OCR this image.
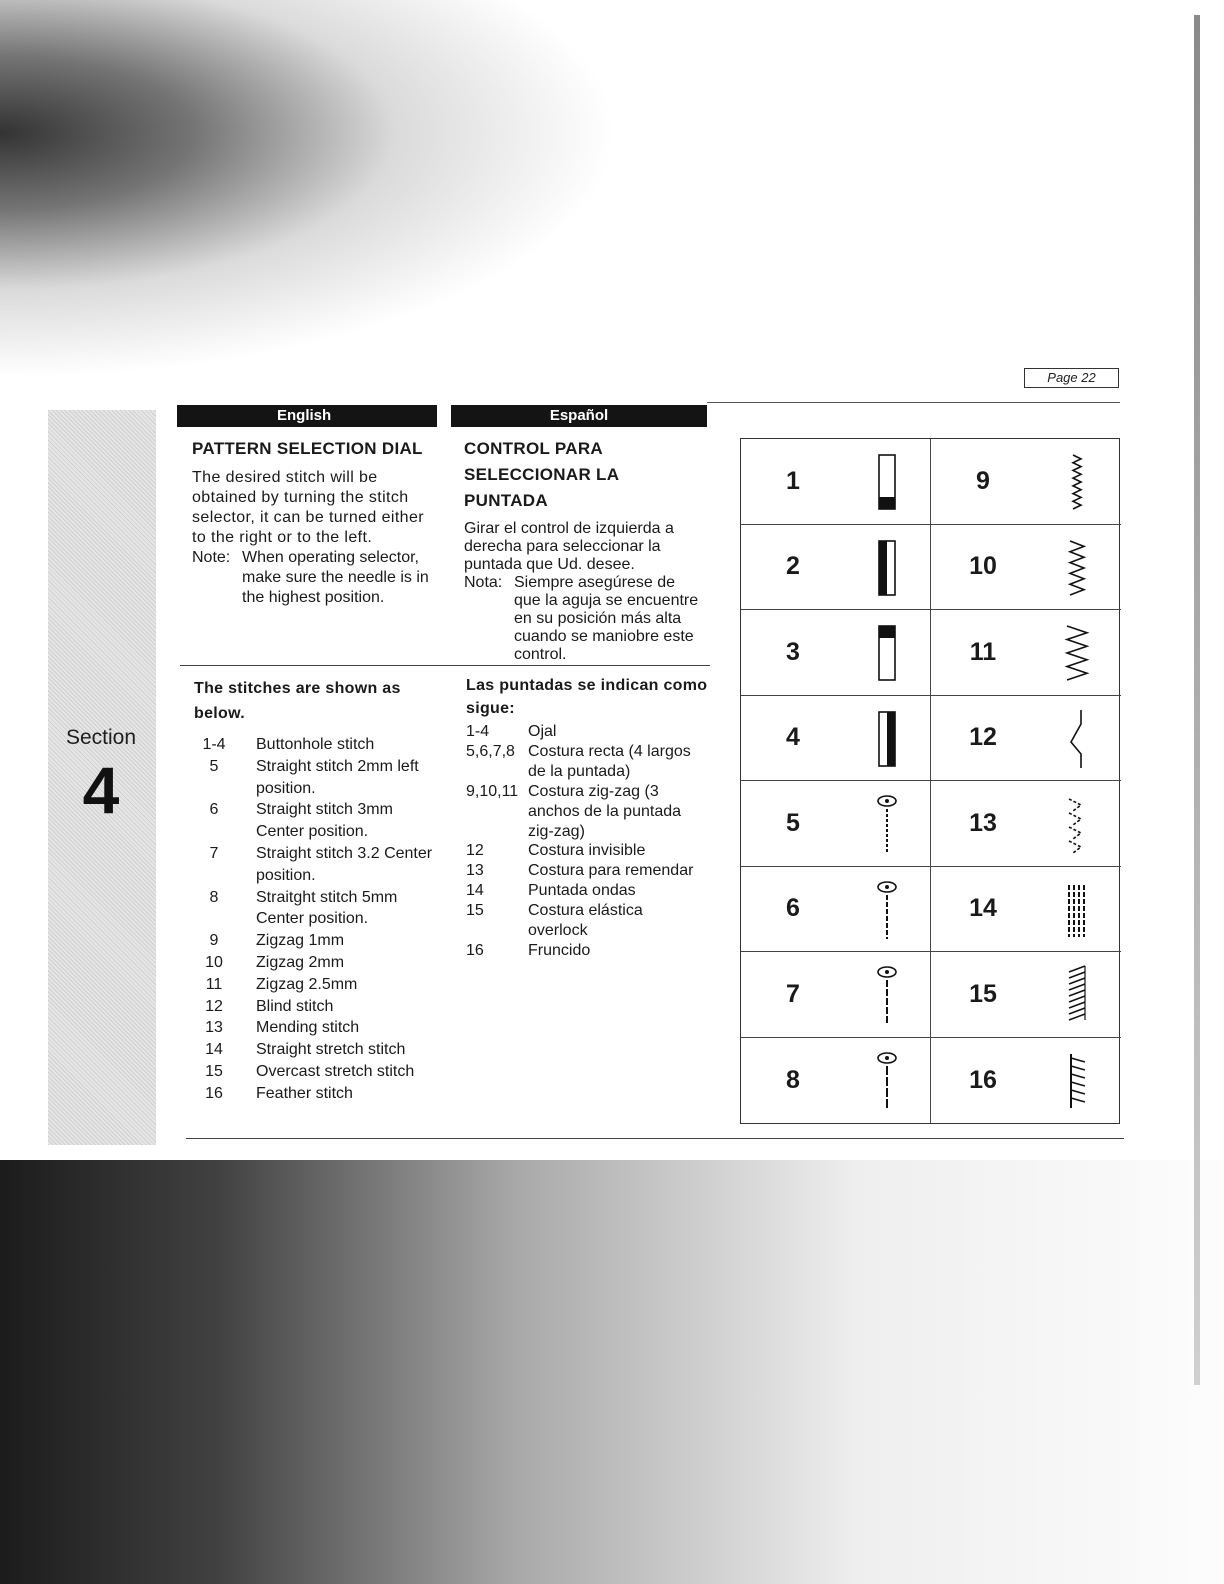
Page 22
Section
4
English	Español
PATTERN SELECTION DIAL
The desired stitch will be obtained by turning the stitch selector, it can be turned either to the right or to the left.
Note: When operating selector, make sure the needle is in the highest position.
CONTROL PARA SELECCIONAR LA PUNTADA
Girar el control de izquierda a derecha para seleccionar la puntada que Ud. desee.
Nota: Siempre asegúrese de que la aguja se encuentre en su posición más alta cuando se maniobre este control.
The stitches are shown as below.
1-4	Buttonhole stitch
5	Straight stitch 2mm left position.
6	Straight stitch 3mm Center position.
7	Straight stitch 3.2 Center position.
8	Straitght stitch 5mm Center position.
9	Zigzag 1mm
10	Zigzag 2mm
11	Zigzag 2.5mm
12	Blind stitch
13	Mending stitch
14	Straight stretch stitch
15	Overcast stretch stitch
16	Feather stitch
Las puntadas se indican como sigue:
1-4	Ojal
5,6,7,8 Costura recta (4 largos de la puntada)
9,10,11 Costura zig-zag (3 anchos de la puntada zig-zag)
12	Costura invisible
13	Costura para remendar
14	Puntada ondas
15	Costura elástica overlock
16	Fruncido
1	9
2	10
3	11
4	12
5	13
6	14
7	15
8	16
